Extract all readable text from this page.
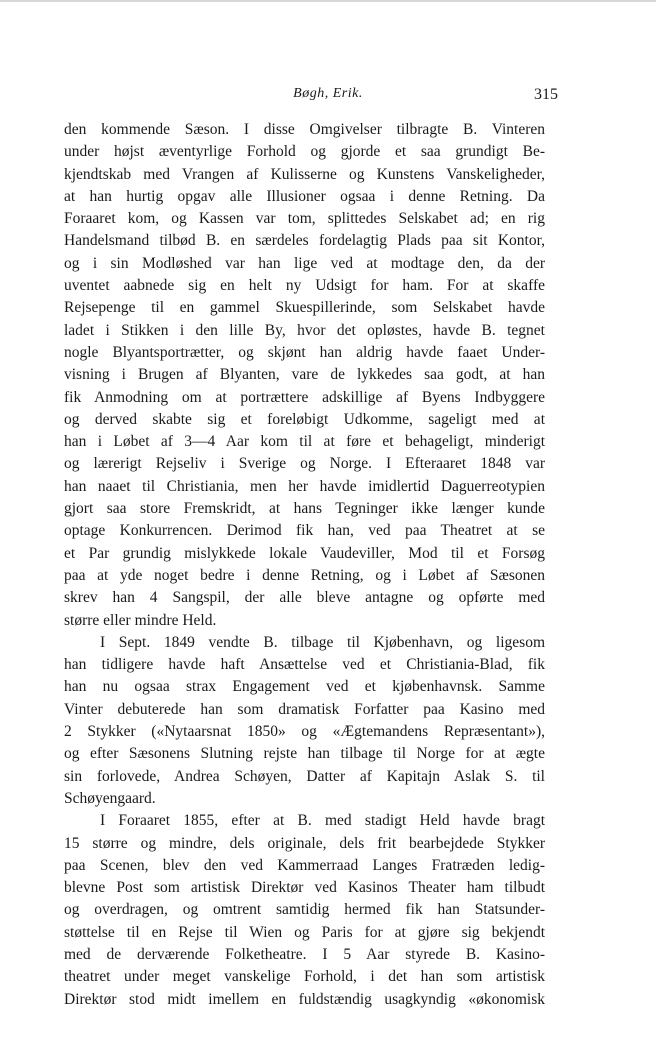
Bøgh, Erik.	315

den kommende Sæson. I disse Omgivelser tilbragte B. Vinteren
under højst æventyrlige Forhold og gjorde et saa grundigt Be-
kjendtskab med Vrangen af Kulisserne og Kunstens Vanskeligheder,
at han hurtig opgav alle Illusioner ogsaa i denne Retning. Da
Foraaret kom, og Kassen var tom, splittedes Selskabet ad; en rig
Handelsmand tilbød B. en særdeles fordelagtig Plads paa sit Kontor,
og i sin Modløshed var han lige ved at modtage den, da der
uventet aabnede sig en helt ny Udsigt for ham. For at skaffe
Rejsepenge til en gammel Skuespillerinde, som Selskabet havde
ladet i Stikken i den lille By, hvor det opløstes, havde B. tegnet
nogle Blyantsportrætter, og skjønt han aldrig havde faaet Under-
visning i Brugen af Blyanten, vare de lykkedes saa godt, at han
fik Anmodning om at portrættere adskillige af Byens Indbyggere
og derved skabte sig et foreløbigt Udkomme, sageligt med at
han i Løbet af 3—4 Aar kom til at føre et behageligt, minderigt
og lærerigt Rejseliv i Sverige og Norge. I Efteraaret 1848 var
han naaet til Christiania, men her havde imidlertid Daguerreotypien
gjort saa store Fremskridt, at hans Tegninger ikke længer kunde
optage Konkurrencen. Derimod fik han, ved paa Theatret at se
et Par grundig mislykkede lokale Vaudeviller, Mod til et Forsøg
paa at yde noget bedre i denne Retning, og i Løbet af Sæsonen
skrev han 4 Sangspil, der alle bleve antagne og opførte med
større eller mindre Held.
I Sept. 1849 vendte B. tilbage til Kjøbenhavn, og ligesom
han tidligere havde haft Ansættelse ved et Christiania-Blad, fik
han nu ogsaa strax Engagement ved et kjøbenhavnsk. Samme
Vinter debuterede han som dramatisk Forfatter paa Kasino med
2 Stykker («Nytaarsnat 1850» og «Ægtemandens Repræsentant»),
og efter Sæsonens Slutning rejste han tilbage til Norge for at ægte
sin forlovede, Andrea Schøyen, Datter af Kapitajn Aslak S. til
Schøyengaard.
I Foraaret 1855, efter at B. med stadigt Held havde bragt
15 større og mindre, dels originale, dels frit bearbejdede Stykker
paa Scenen, blev den ved Kammerraad Langes Fratræden ledig-
blevne Post som artistisk Direktør ved Kasinos Theater ham tilbudt
og overdragen, og omtrent samtidig hermed fik han Statsunder-
støttelse til en Rejse til Wien og Paris for at gjøre sig bekjendt
med de derværende Folketheatre. I 5 Aar styrede B. Kasino-
theatret under meget vanskelige Forhold, i det han som artistisk
Direktør stod midt imellem en fuldstændig usagkyndig «økonomisk
